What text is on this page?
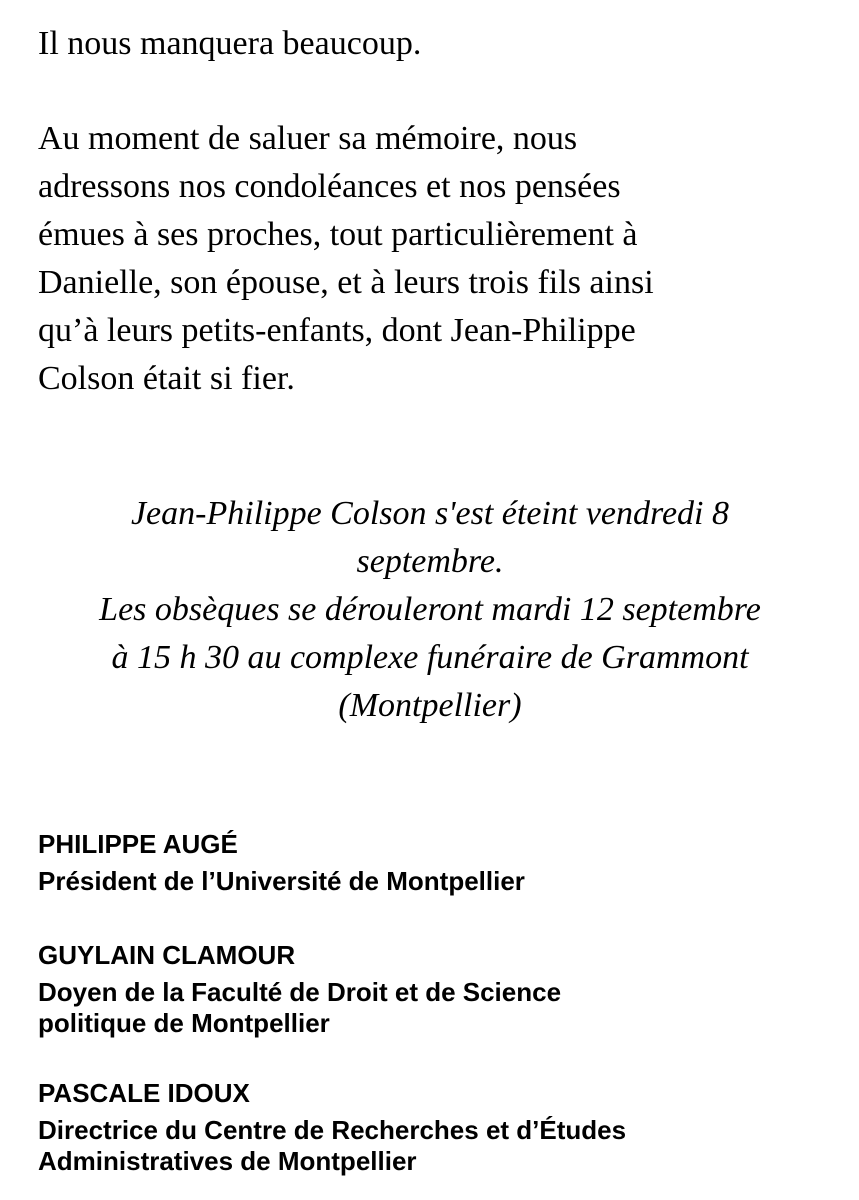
Il nous manquera beaucoup.

Au moment de saluer sa mémoire, nous
adressons nos condoléances et nos pensées
émues à ses proches, tout particulièrement à
Danielle, son épouse, et à leurs trois fils ainsi
qu’à leurs petits-enfants, dont Jean-Philippe
Colson était si fier.

Jean-Philippe Colson s'est éteint vendredi 8
septembre.
Les obsèques se dérouleront mardi 12 septembre
à 15 h 30 au complexe funéraire de Grammont
(Montpellier)

PHILIPPE AUGÉ
Président de l’Université de Montpellier
GUYLAIN CLAMOUR
Doyen de la Faculté de Droit et de Science
politique de Montpellier
PASCALE IDOUX
Directrice du Centre de Recherches et d’Études
Administratives de Montpellier
